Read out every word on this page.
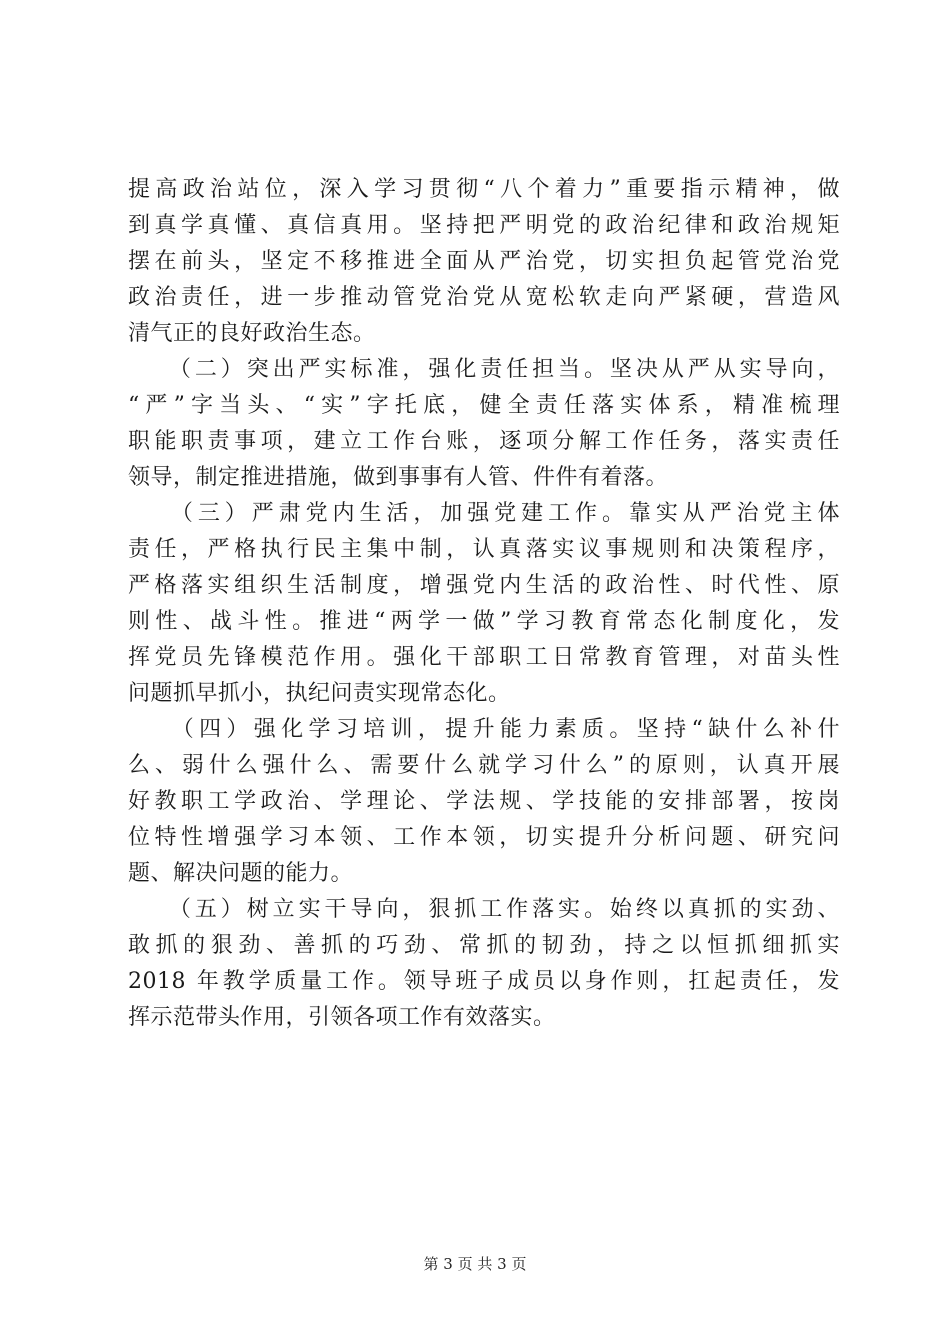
提高政治站位，深入学习贯彻“八个着力”重要指示精神，做
到真学真懂、真信真用。坚持把严明党的政治纪律和政治规矩
摆在前头，坚定不移推进全面从严治党，切实担负起管党治党
政治责任，进一步推动管党治党从宽松软走向严紧硬，营造风
清气正的良好政治生态。
　　（二）突出严实标准，强化责任担当。坚决从严从实导向，
“严”字当头、“实”字托底，健全责任落实体系，精准梳理
职能职责事项，建立工作台账，逐项分解工作任务，落实责任
领导，制定推进措施，做到事事有人管、件件有着落。
　　（三）严肃党内生活，加强党建工作。靠实从严治党主体
责任，严格执行民主集中制，认真落实议事规则和决策程序，
严格落实组织生活制度，增强党内生活的政治性、时代性、原
则性、战斗性。推进“两学一做”学习教育常态化制度化，发
挥党员先锋模范作用。强化干部职工日常教育管理，对苗头性
问题抓早抓小，执纪问责实现常态化。
　　（四）强化学习培训，提升能力素质。坚持“缺什么补什
么、弱什么强什么、需要什么就学习什么”的原则，认真开展
好教职工学政治、学理论、学法规、学技能的安排部署，按岗
位特性增强学习本领、工作本领，切实提升分析问题、研究问
题、解决问题的能力。
　　（五）树立实干导向，狠抓工作落实。始终以真抓的实劲、
敢抓的狠劲、善抓的巧劲、常抓的韧劲，持之以恒抓细抓实
2018 年教学质量工作。领导班子成员以身作则，扛起责任，发
挥示范带头作用，引领各项工作有效落实。
第 3 页 共 3 页
